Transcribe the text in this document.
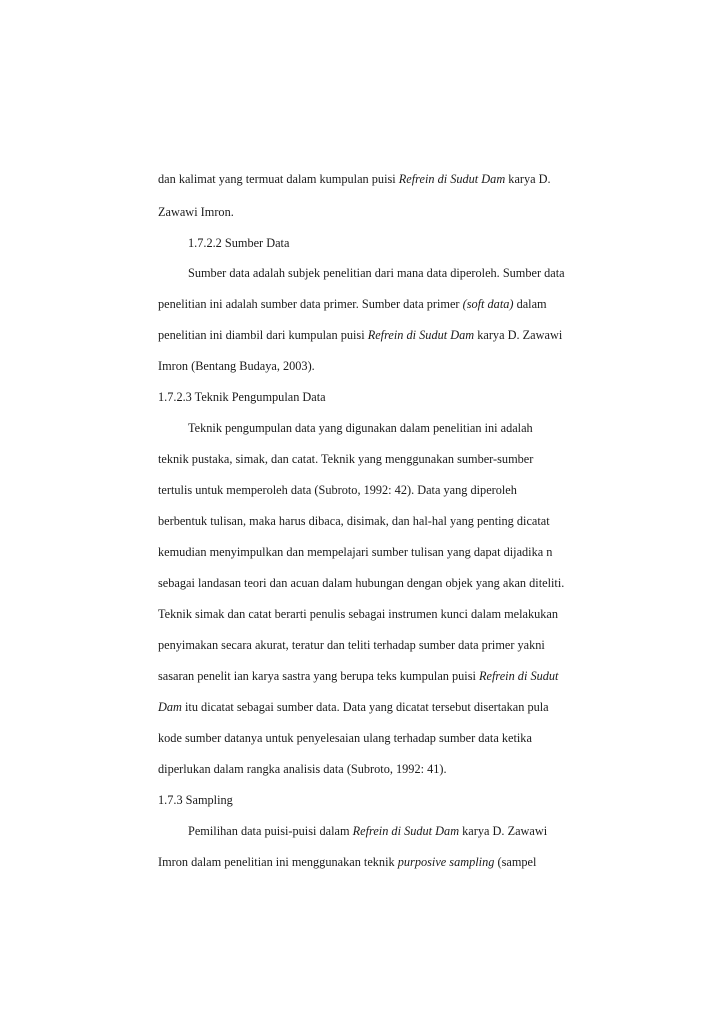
dan kalimat yang termuat dalam kumpulan puisi Refrein di Sudut Dam karya D.
Zawawi Imron.
1.7.2.2 Sumber Data
Sumber data adalah subjek penelitian dari mana data diperoleh. Sumber data
penelitian ini adalah sumber data primer. Sumber data primer (soft data) dalam
penelitian ini diambil dari kumpulan puisi Refrein di Sudut Dam karya D. Zawawi
Imron (Bentang Budaya, 2003).
1.7.2.3 Teknik Pengumpulan Data
Teknik pengumpulan data yang digunakan dalam penelitian ini adalah
teknik pustaka, simak, dan catat. Teknik yang menggunakan sumber-sumber
tertulis untuk memperoleh data (Subroto, 1992: 42). Data yang diperoleh
berbentuk tulisan, maka harus dibaca, disimak, dan hal-hal yang penting dicatat
kemudian menyimpulkan dan mempelajari sumber tulisan yang dapat dijadika n
sebagai landasan teori dan acuan dalam hubungan dengan objek yang akan diteliti.
Teknik simak dan catat berarti penulis sebagai instrumen kunci dalam melakukan
penyimakan secara akurat, teratur dan teliti terhadap sumber data primer yakni
sasaran penelit ian karya sastra yang berupa teks kumpulan puisi Refrein di Sudut
Dam itu dicatat sebagai sumber data. Data yang dicatat tersebut disertakan pula
kode sumber datanya untuk penyelesaian ulang terhadap sumber data ketika
diperlukan dalam rangka analisis data (Subroto, 1992: 41).
1.7.3 Sampling
Pemilihan data puisi-puisi dalam Refrein di Sudut Dam karya D. Zawawi
Imron dalam penelitian ini menggunakan teknik purposive sampling (sampel
